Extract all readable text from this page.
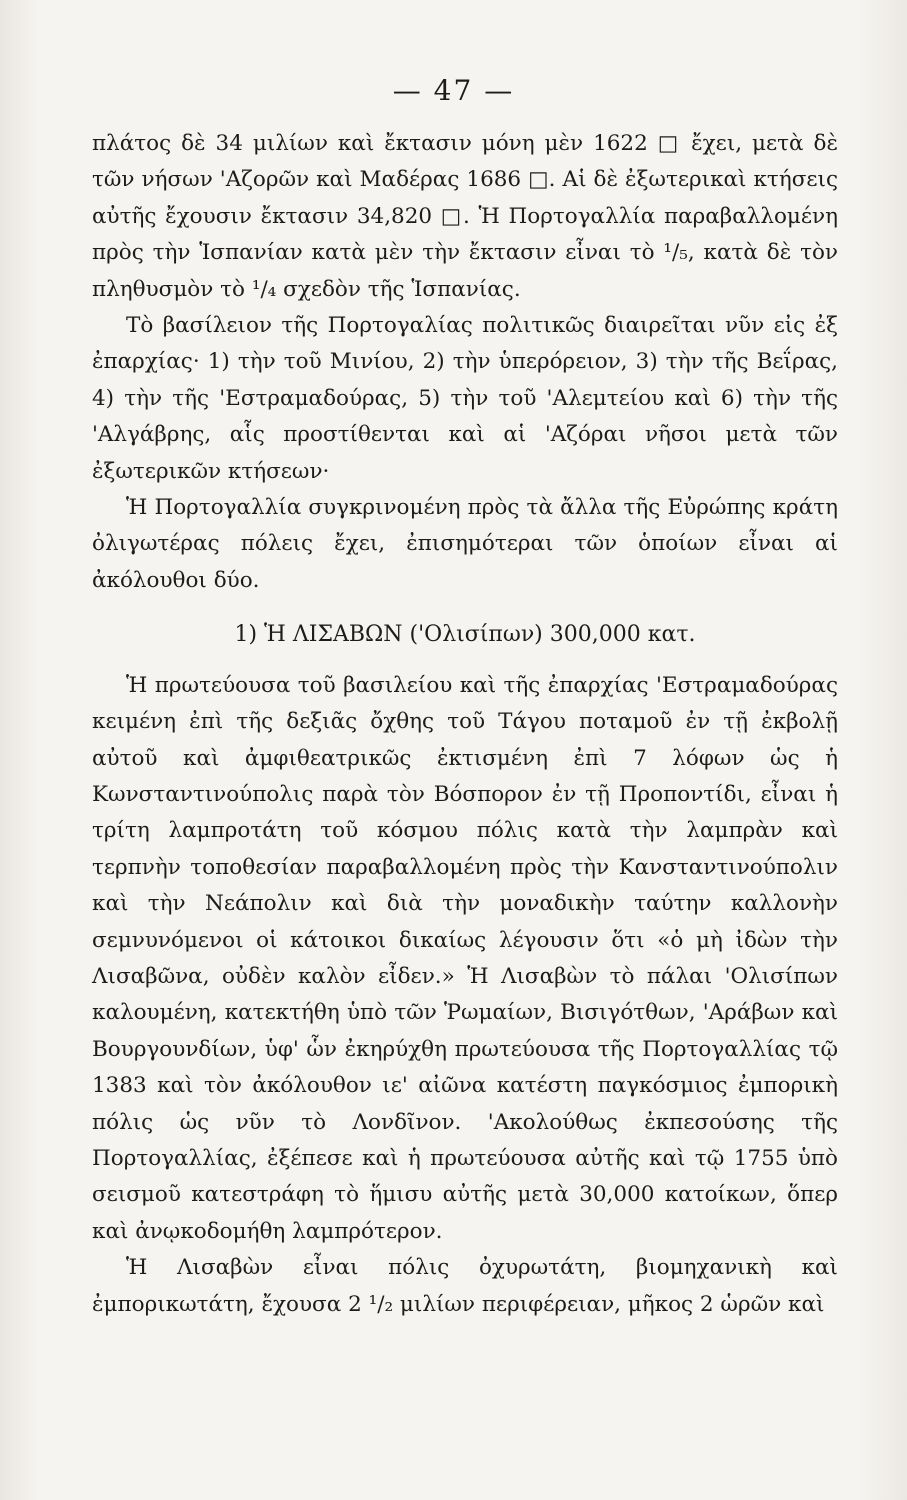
— 47 —

πλάτος δὲ 34 μιλίων καὶ ἔκτασιν μόνη μὲν 1622 □ ἔχει, μετὰ δὲ τῶν νήσων 'Αζορῶν καὶ Μαδέρας 1686 □. Αἱ δὲ ἐξωτερικαὶ κτήσεις αὐτῆς ἔχουσιν ἔκτασιν 34,820 □. Ἡ Πορτογαλλία παραβαλλομένη πρὸς τὴν Ἱσπανίαν κατὰ μὲν τὴν ἔκτασιν εἶναι τὸ ¹/₅, κατὰ δὲ τὸν πληθυσμὸν τὸ ¹/₄ σχεδὸν τῆς Ἱσπανίας.

Τὸ βασίλειον τῆς Πορτογαλίας πολιτικῶς διαιρεῖται νῦν εἰς ἐξ ἐπαρχίας· 1) τὴν τοῦ Μινίου, 2) τὴν ὑπερόρειον, 3) τὴν τῆς Βεΐρας, 4) τὴν τῆς 'Εστραμαδούρας, 5) τὴν τοῦ 'Αλεμτείου καὶ 6) τὴν τῆς 'Αλγάβρης, αἷς προστίθενται καὶ αἱ 'Αζόραι νῆσοι μετὰ τῶν ἐξωτερικῶν κτήσεων·

Ἡ Πορτογαλλία συγκρινομένη πρὸς τὰ ἄλλα τῆς Εὐρώπης κράτη ὀλιγωτέρας πόλεις ἔχει, ἐπισημότεραι τῶν ὁποίων εἶναι αἱ ἀκόλουθοι δύο.

1) Ἡ ΛΙΣΑΒΩΝ ('Ολισίπων) 300,000 κατ.

Ἡ πρωτεύουσα τοῦ βασιλείου καὶ τῆς ἐπαρχίας 'Εστραμαδούρας κειμένη ἐπὶ τῆς δεξιᾶς ὄχθης τοῦ Τάγου ποταμοῦ ἐν τῇ ἐκβολῇ αὐτοῦ καὶ ἀμφιθεατρικῶς ἐκτισμένη ἐπὶ 7 λόφων ὡς ἡ Κωνσταντινούπολις παρὰ τὸν Βόσπορον ἐν τῇ Προποντίδι, εἶναι ἡ τρίτη λαμπροτάτη τοῦ κόσμου πόλις κατὰ τὴν λαμπρὰν καὶ τερπνὴν τοποθεσίαν παραβαλλομένη πρὸς τὴν Κανσταντινούπολιν καὶ τὴν Νεάπολιν καὶ διὰ τὴν μοναδικὴν ταύτην καλλονὴν σεμνυνόμενοι οἱ κάτοικοι δικαίως λέγουσιν ὅτι «ὁ μὴ ἰδὼν τὴν Λισαβῶνα, οὐδὲν καλὸν εἶδεν.» Ἡ Λισαβὼν τὸ πάλαι 'Ολισίπων καλουμένη, κατεκτήθη ὑπὸ τῶν Ῥωμαίων, Βισιγότθων, 'Αράβων καὶ Βουργουνδίων, ὑφ' ὧν ἐκηρύχθη πρωτεύουσα τῆς Πορτογαλλίας τῷ 1383 καὶ τὸν ἀκόλουθον ιε' αἰῶνα κατέστη παγκόσμιος ἐμπορικὴ πόλις ὡς νῦν τὸ Λονδῖνον. 'Ακολούθως ἐκπεσούσης τῆς Πορτογαλλίας, ἐξέπεσε καὶ ἡ πρωτεύουσα αὐτῆς καὶ τῷ 1755 ὑπὸ σεισμοῦ κατεστράφη τὸ ἥμισυ αὐτῆς μετὰ 30,000 κατοίκων, ὅπερ καὶ ἀνῳκοδομήθη λαμπρότερον.

Ἡ Λισαβὼν εἶναι πόλις ὀχυρωτάτη, βιομηχανικὴ καὶ ἐμπορικωτάτη, ἔχουσα 2 ¹/₂ μιλίων περιφέρειαν, μῆκος 2 ὡρῶν καὶ
